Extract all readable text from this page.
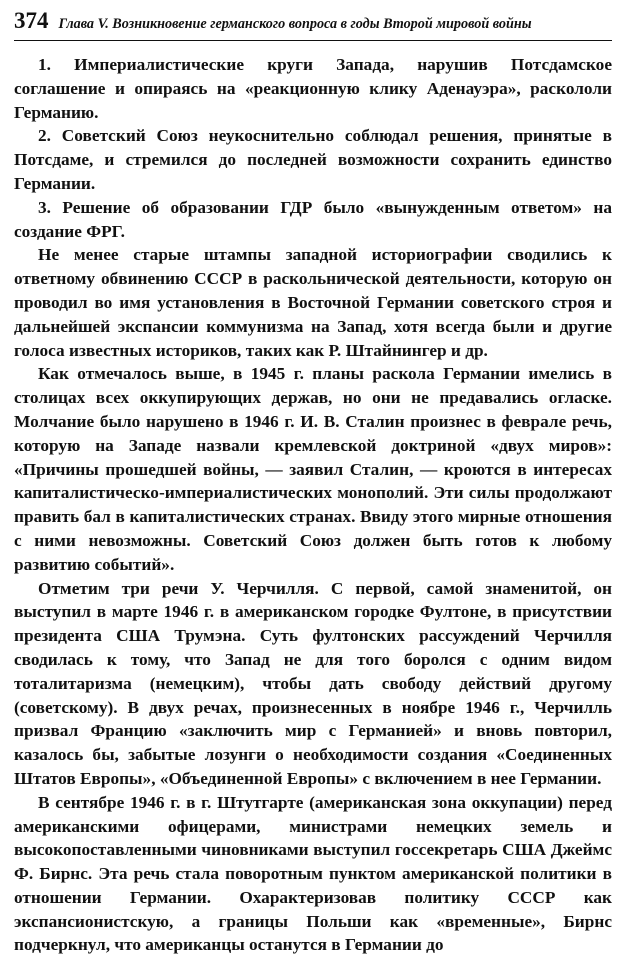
374 Глава V. Возникновение германского вопроса в годы Второй мировой войны

1. Империалистические круги Запада, нарушив Потсдамское соглашение и опираясь на «реакционную клику Аденауэра», раскололи Германию.

2. Советский Союз неукоснительно соблюдал решения, принятые в Потсдаме, и стремился до последней возможности сохранить единство Германии.

3. Решение об образовании ГДР было «вынужденным ответом» на создание ФРГ.

Не менее старые штампы западной историографии сводились к ответному обвинению СССР в раскольнической деятельности, которую он проводил во имя установления в Восточной Германии советского строя и дальнейшей экспансии коммунизма на Запад, хотя всегда были и другие голоса известных историков, таких как Р. Штайнингер и др.

Как отмечалось выше, в 1945 г. планы раскола Германии имелись в столицах всех оккупирующих держав, но они не предавались огласке. Молчание было нарушено в 1946 г. И. В. Сталин произнес в феврале речь, которую на Западе назвали кремлевской доктриной «двух миров»: «Причины прошедшей войны, — заявил Сталин, — кроются в интересах капиталистическо-империалистических монополий. Эти силы продолжают править бал в капиталистических странах. Ввиду этого мирные отношения с ними невозможны. Советский Союз должен быть готов к любому развитию событий».

Отметим три речи У. Черчилля. С первой, самой знаменитой, он выступил в марте 1946 г. в американском городке Фултоне, в присутствии президента США Трумэна. Суть фултонских рассуждений Черчилля сводилась к тому, что Запад не для того боролся с одним видом тоталитаризма (немецким), чтобы дать свободу действий другому (советскому). В двух речах, произнесенных в ноябре 1946 г., Черчилль призвал Францию «заключить мир с Германией» и вновь повторил, казалось бы, забытые лозунги о необходимости создания «Соединенных Штатов Европы», «Объединенной Европы» с включением в нее Германии.

В сентябре 1946 г. в г. Штутгарте (американская зона оккупации) перед американскими офицерами, министрами немецких земель и высокопоставленными чиновниками выступил госсекретарь США Джеймс Ф. Бирнс. Эта речь стала поворотным пунктом американской политики в отношении Германии. Охарактеризовав политику СССР как экспансионистскую, а границы Польши как «временные», Бирнс подчеркнул, что американцы останутся в Германии до
